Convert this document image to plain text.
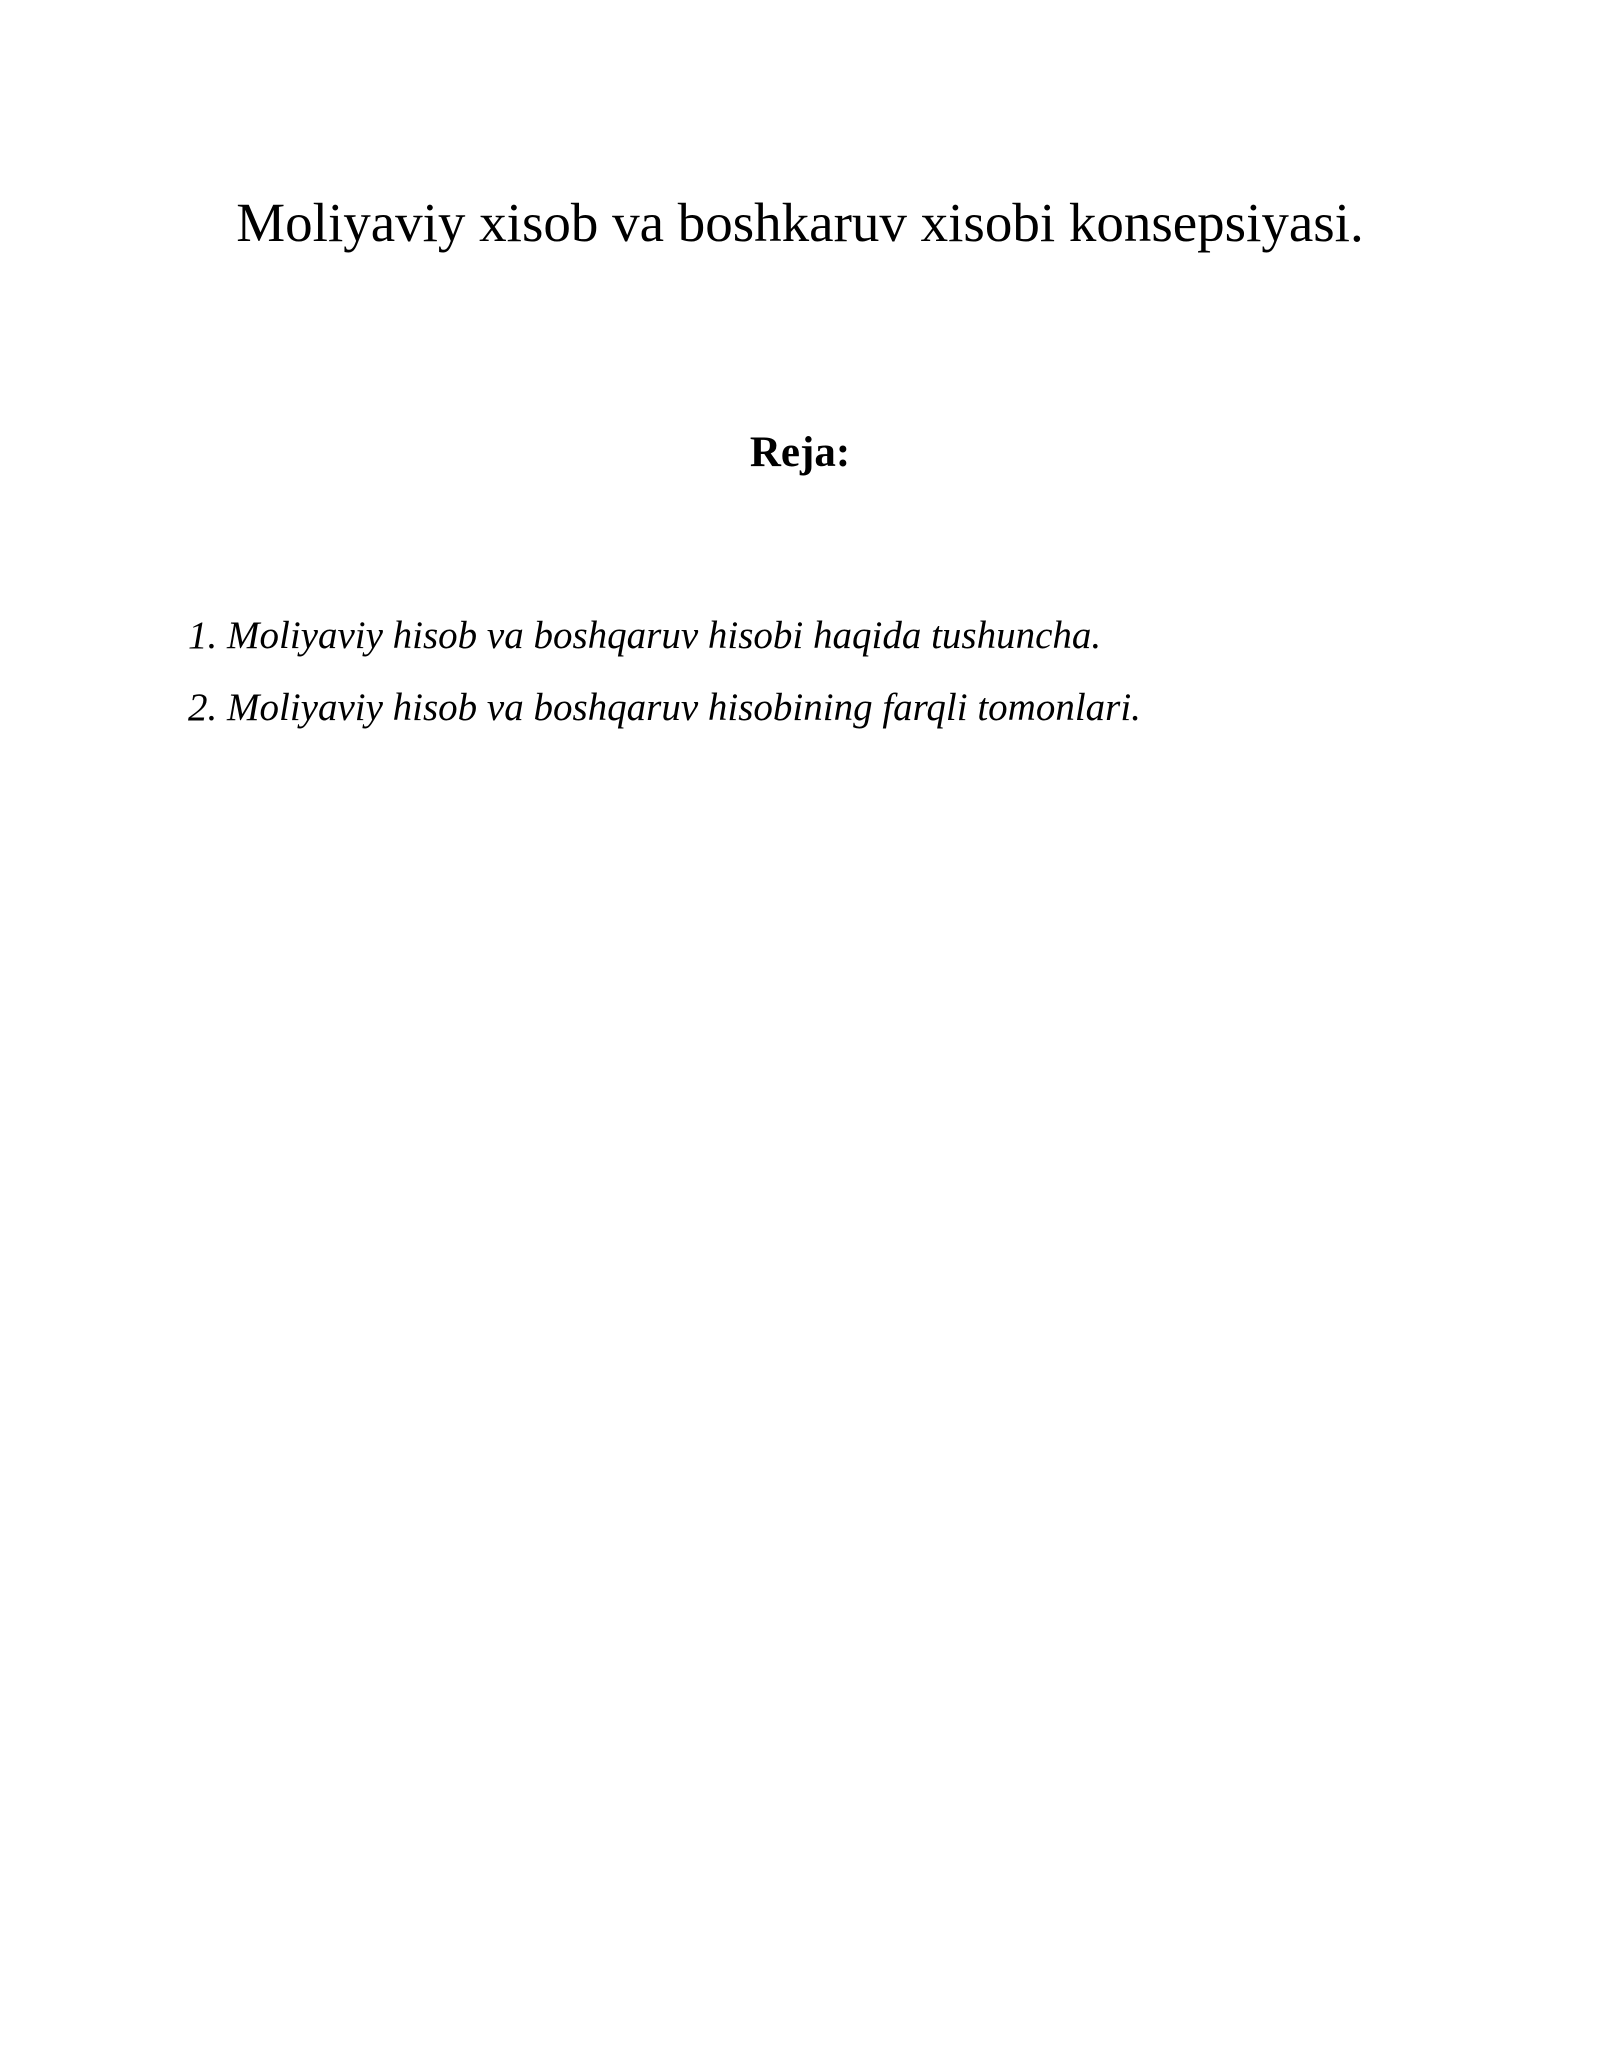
Moliyaviy xisob va boshkaruv xisobi konsepsiyasi.
Reja:
1. Moliyaviy hisob va boshqaruv hisobi haqida tushuncha.
2. Moliyaviy hisob va boshqaruv hisobining farqli tomonlari.
